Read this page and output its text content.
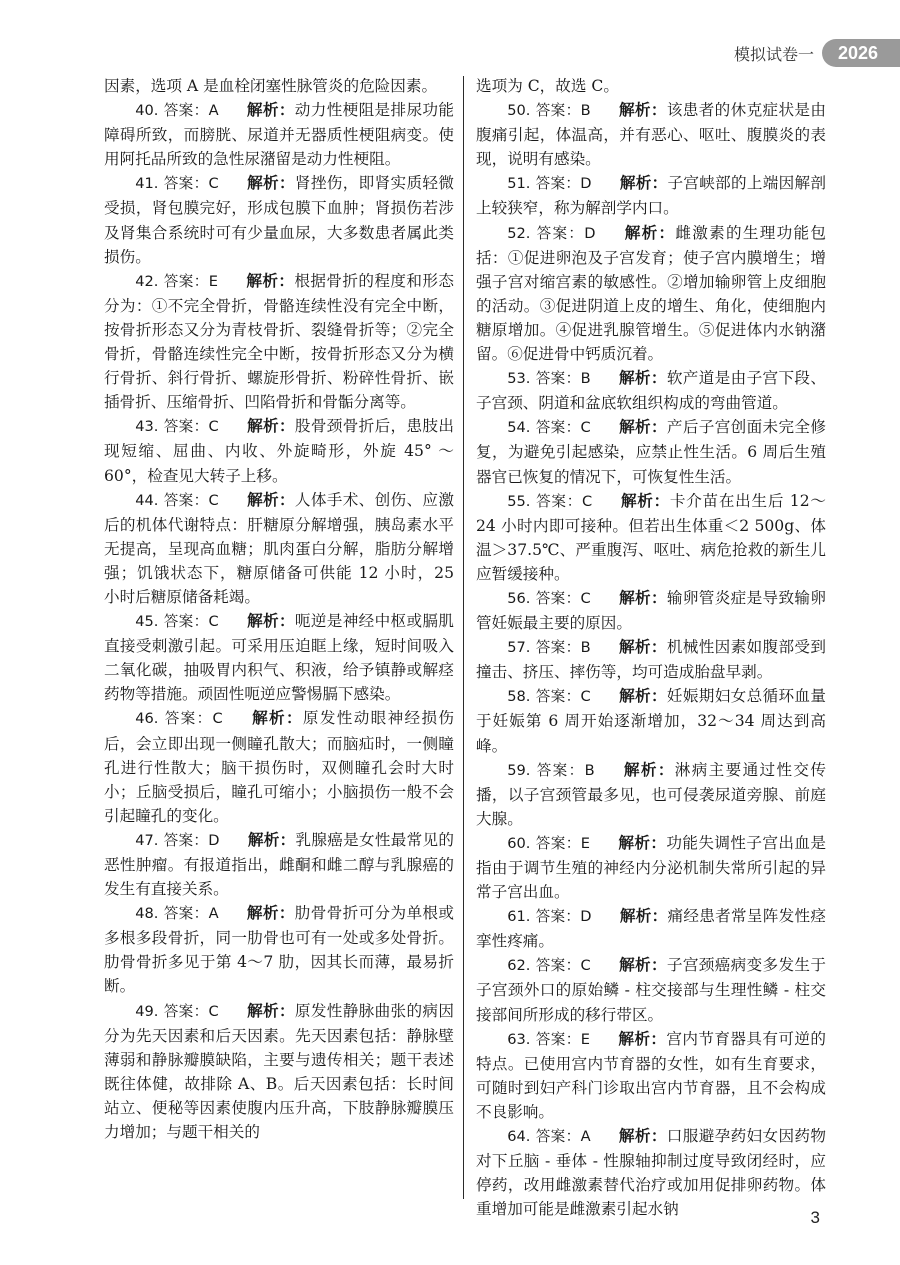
模拟试卷一	2026

因素，选项 A 是血栓闭塞性脉管炎的危险因素。

40. 答案：A 解析：动力性梗阻是排尿功能障碍所致，而膀胱、尿道并无器质性梗阻病变。使用阿托品所致的急性尿潴留是动力性梗阻。

41. 答案：C 解析：肾挫伤，即肾实质轻微受损，肾包膜完好，形成包膜下血肿；肾损伤若涉及肾集合系统时可有少量血尿，大多数患者属此类损伤。

42. 答案：E 解析：根据骨折的程度和形态分为：①不完全骨折，骨骼连续性没有完全中断，按骨折形态又分为青枝骨折、裂缝骨折等；②完全骨折，骨骼连续性完全中断，按骨折形态又分为横行骨折、斜行骨折、螺旋形骨折、粉碎性骨折、嵌插骨折、压缩骨折、凹陷骨折和骨骺分离等。

43. 答案：C 解析：股骨颈骨折后，患肢出现短缩、屈曲、内收、外旋畸形，外旋 45° ～ 60°，检查见大转子上移。

44. 答案：C 解析：人体手术、创伤、应激后的机体代谢特点：肝糖原分解增强，胰岛素水平无提高，呈现高血糖；肌肉蛋白分解，脂肪分解增强；饥饿状态下，糖原储备可供能 12 小时，25 小时后糖原储备耗竭。

45. 答案：C 解析：呃逆是神经中枢或膈肌直接受刺激引起。可采用压迫眶上缘，短时间吸入二氧化碳，抽吸胃内积气、积液，给予镇静或解痉药物等措施。顽固性呃逆应警惕膈下感染。

46. 答案：C 解析：原发性动眼神经损伤后，会立即出现一侧瞳孔散大；而脑疝时，一侧瞳孔进行性散大；脑干损伤时，双侧瞳孔会时大时小；丘脑受损后，瞳孔可缩小；小脑损伤一般不会引起瞳孔的变化。

47. 答案：D 解析：乳腺癌是女性最常见的恶性肿瘤。有报道指出，雌酮和雌二醇与乳腺癌的发生有直接关系。

48. 答案：A 解析：肋骨骨折可分为单根或多根多段骨折，同一肋骨也可有一处或多处骨折。肋骨骨折多见于第 4～7 肋，因其长而薄，最易折断。

49. 答案：C 解析：原发性静脉曲张的病因分为先天因素和后天因素。先天因素包括：静脉壁薄弱和静脉瓣膜缺陷，主要与遗传相关；题干表述既往体健，故排除 A、B。后天因素包括：长时间站立、便秘等因素使腹内压升高，下肢静脉瓣膜压力增加；与题干相关的

选项为 C，故选 C。

50. 答案：B 解析：该患者的休克症状是由腹痛引起，体温高，并有恶心、呕吐、腹膜炎的表现，说明有感染。

51. 答案：D 解析：子宫峡部的上端因解剖上较狭窄，称为解剖学内口。

52. 答案：D 解析：雌激素的生理功能包括：①促进卵泡及子宫发育；使子宫内膜增生；增强子宫对缩宫素的敏感性。②增加输卵管上皮细胞的活动。③促进阴道上皮的增生、角化，使细胞内糖原增加。④促进乳腺管增生。⑤促进体内水钠潴留。⑥促进骨中钙质沉着。

53. 答案：B 解析：软产道是由子宫下段、子宫颈、阴道和盆底软组织构成的弯曲管道。

54. 答案：C 解析：产后子宫创面未完全修复，为避免引起感染，应禁止性生活。6 周后生殖器官已恢复的情况下，可恢复性生活。

55. 答案：C 解析：卡介苗在出生后 12～24 小时内即可接种。但若出生体重＜2 500g、体温＞37.5℃、严重腹泻、呕吐、病危抢救的新生儿应暂缓接种。

56. 答案：C 解析：输卵管炎症是导致输卵管妊娠最主要的原因。

57. 答案：B 解析：机械性因素如腹部受到撞击、挤压、摔伤等，均可造成胎盘早剥。

58. 答案：C 解析：妊娠期妇女总循环血量于妊娠第 6 周开始逐渐增加，32～34 周达到高峰。

59. 答案：B 解析：淋病主要通过性交传播，以子宫颈管最多见，也可侵袭尿道旁腺、前庭大腺。

60. 答案：E 解析：功能失调性子宫出血是指由于调节生殖的神经内分泌机制失常所引起的异常子宫出血。

61. 答案：D 解析：痛经患者常呈阵发性痉挛性疼痛。

62. 答案：C 解析：子宫颈癌病变多发生于子宫颈外口的原始鳞 - 柱交接部与生理性鳞 - 柱交接部间所形成的移行带区。

63. 答案：E 解析：宫内节育器具有可逆的特点。已使用宫内节育器的女性，如有生育要求，可随时到妇产科门诊取出宫内节育器，且不会构成不良影响。

64. 答案：A 解析：口服避孕药妇女因药物对下丘脑 - 垂体 - 性腺轴抑制过度导致闭经时，应停药，改用雌激素替代治疗或加用促排卵药物。体重增加可能是雌激素引起水钠	3
